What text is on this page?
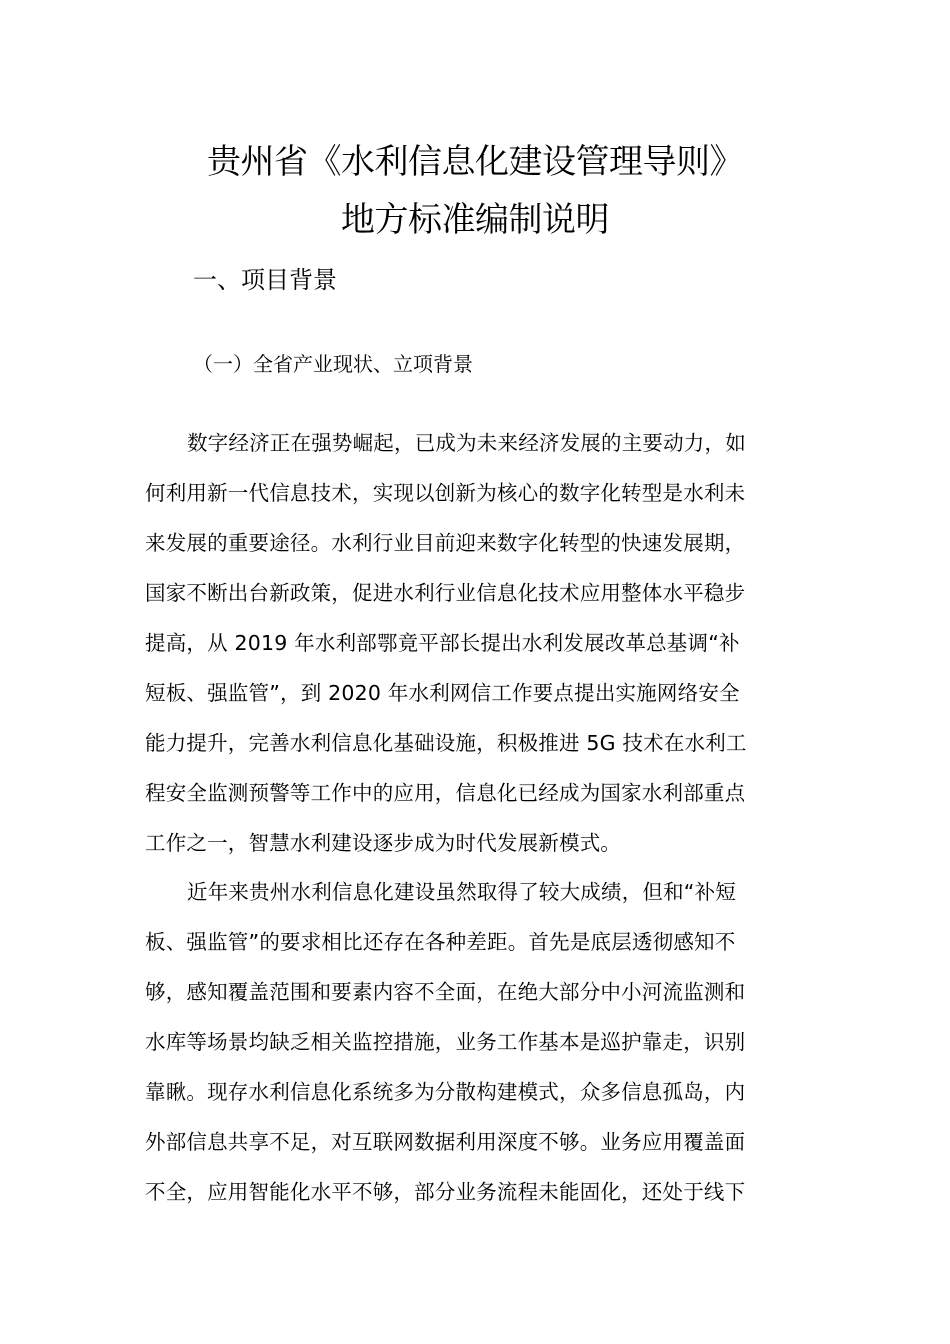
贵州省《水利信息化建设管理导则》
地方标准编制说明
一、项目背景
（一）全省产业现状、立项背景
数字经济正在强势崛起，已成为未来经济发展的主要动力，如
何利用新一代信息技术，实现以创新为核心的数字化转型是水利未
来发展的重要途径。水利行业目前迎来数字化转型的快速发展期，
国家不断出台新政策，促进水利行业信息化技术应用整体水平稳步
提高，从 2019 年水利部鄂竟平部长提出水利发展改革总基调“补
短板、强监管”，到 2020 年水利网信工作要点提出实施网络安全
能力提升，完善水利信息化基础设施，积极推进 5G 技术在水利工
程安全监测预警等工作中的应用，信息化已经成为国家水利部重点
工作之一，智慧水利建设逐步成为时代发展新模式。
近年来贵州水利信息化建设虽然取得了较大成绩，但和“补短
板、强监管”的要求相比还存在各种差距。首先是底层透彻感知不
够，感知覆盖范围和要素内容不全面，在绝大部分中小河流监测和
水库等场景均缺乏相关监控措施，业务工作基本是巡护靠走，识别
靠瞅。现存水利信息化系统多为分散构建模式，众多信息孤岛，内
外部信息共享不足，对互联网数据利用深度不够。业务应用覆盖面
不全，应用智能化水平不够，部分业务流程未能固化，还处于线下
